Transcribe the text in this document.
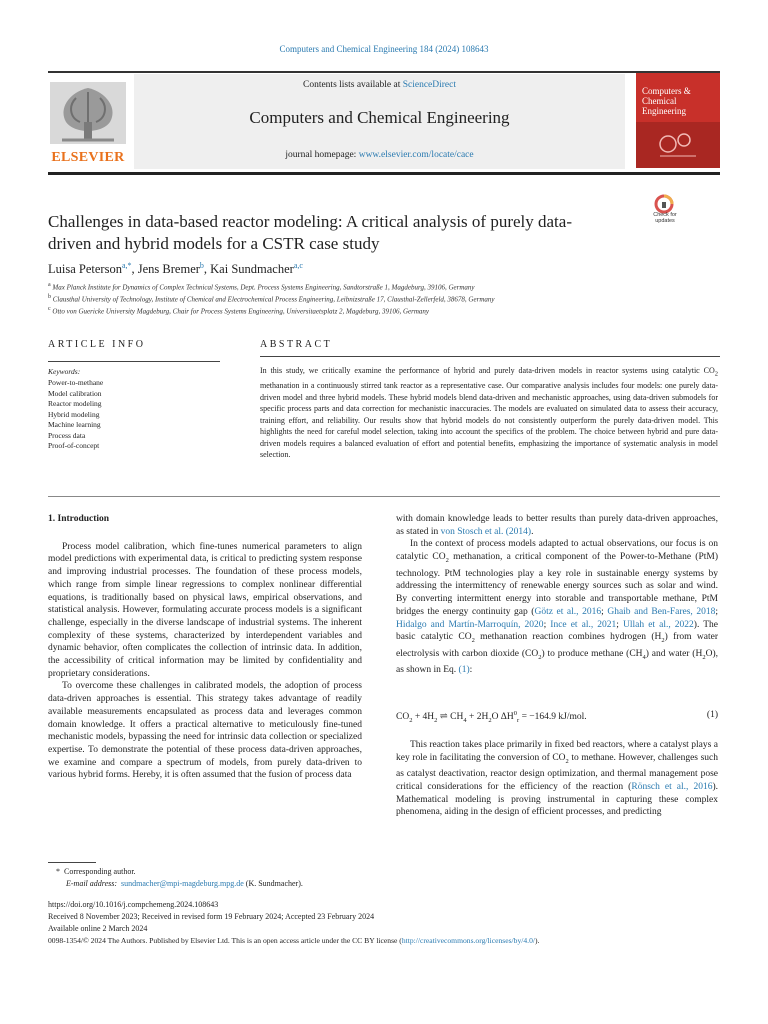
Computers and Chemical Engineering 184 (2024) 108643
ELSEVIER
Contents lists available at ScienceDirect
Computers and Chemical Engineering
journal homepage: www.elsevier.com/locate/cace
Computers & Chemical Engineering
Check for updates
Challenges in data-based reactor modeling: A critical analysis of purely data-driven and hybrid models for a CSTR case study
Luisa Peterson$^{a,*}$, Jens Bremer$^b$, Kai Sundmacher$^{a,c}$
$^a$ Max Planck Institute for Dynamics of Complex Technical Systems, Dept. Process Systems Engineering, Sandtorstraße 1, Magdeburg, 39106, Germany
$^b$ Clausthal University of Technology, Institute of Chemical and Electrochemical Process Engineering, Leibnizstraße 17, Clausthal-Zellerfeld, 38678, Germany
$^c$ Otto von Guericke University Magdeburg, Chair for Process Systems Engineering, Universitaetsplatz 2, Magdeburg, 39106, Germany
ARTICLE INFO
Keywords:
Power-to-methane
Model calibration
Reactor modeling
Hybrid modeling
Machine learning
Process data
Proof-of-concept
ABSTRACT
In this study, we critically examine the performance of hybrid and purely data-driven models in reactor systems using catalytic $CO_2$ methanation in a continuously stirred tank reactor as a representative case. Our comparative analysis includes four models: one purely data-driven model and three hybrid models. These hybrid models blend data-driven and mechanistic approaches, using data-driven submodels for specific process parts and data correction for mechanistic inaccuracies. The models are evaluated on simulated data to assess their accuracy, training effort, and reliability. Our results show that hybrid models do not consistently outperform the purely data-driven model. This highlights the need for careful model selection, taking into account the specifics of the problem. The choice between hybrid and pure data-driven models requires a balanced evaluation of effort and potential benefits, emphasizing the importance of systematic analysis in model selection.

1. Introduction

Process model calibration, which fine-tunes numerical parameters to align model predictions with experimental data, is critical to predicting system response and improving industrial processes. The foundation of these process models, which range from simple linear regressions to complex nonlinear differential equations, is traditionally based on physical laws, empirical observations, and statistical analysis. However, formulating accurate process models is a significant challenge, especially in the diverse landscape of industrial systems. The inherent complexity of these systems, characterized by interdependent variables and dynamic behavior, often complicates the collection of intrinsic data. In addition, the accessibility of critical information may be limited by confidentiality and proprietary considerations.

To overcome these challenges in calibrated models, the adoption of process data-driven approaches is essential. This strategy takes advantage of readily available measurements encapsulated as process data and leverages common domain knowledge. It offers a practical alternative to meticulously fine-tuned mechanistic models, bypassing the need for intrinsic data collection or specialized expertise. To demonstrate the potential of these process data-driven approaches, we examine and compare a spectrum of models, from purely data-driven to various hybrid forms. Hereby, it is often assumed that the fusion of process data

with domain knowledge leads to better results than purely data-driven approaches, as stated in von Stosch et al. (2014).

In the context of process models adapted to actual observations, our focus is on catalytic $CO_2$ methanation, a critical component of the Power-to-Methane (PtM) technology. PtM technologies play a key role in sustainable energy systems by addressing the intermittency of renewable energy sources such as solar and wind. By converting intermittent energy into storable and transportable methane, PtM bridges the energy continuity gap (Götz et al., 2016; Ghaib and Ben-Fares, 2018; Hidalgo and Martín-Marroquín, 2020; Ince et al., 2021; Ullah et al., 2022). The basic catalytic $CO_2$ methanation reaction combines hydrogen $(H_2)$ from water electrolysis with carbon dioxide $(CO_2)$ to produce methane $(CH_4)$ and water $(H_2O)$, as shown in Eq. (1):

$CO_2 + 4H_2$ ⇌ $CH_4 + 2H_2O$ $\Delta H^0_r = -164.9$ kJ/mol.	(1)

This reaction takes place primarily in fixed bed reactors, where a catalyst plays a key role in facilitating the conversion of $CO_2$ to methane. However, challenges such as catalyst deactivation, reactor design optimization, and thermal management pose critical considerations for the efficiency of the reaction (Rönsch et al., 2016). Mathematical modeling is proving instrumental in capturing these complex phenomena, aiding in the design of efficient processes, and predicting

*  Corresponding author.
E-mail address: sundmacher@mpi-magdeburg.mpg.de (K. Sundmacher).
https://doi.org/10.1016/j.compchemeng.2024.108643
Received 8 November 2023; Received in revised form 19 February 2024; Accepted 23 February 2024
Available online 2 March 2024
0098-1354/© 2024 The Authors. Published by Elsevier Ltd. This is an open access article under the CC BY license (http://creativecommons.org/licenses/by/4.0/).
